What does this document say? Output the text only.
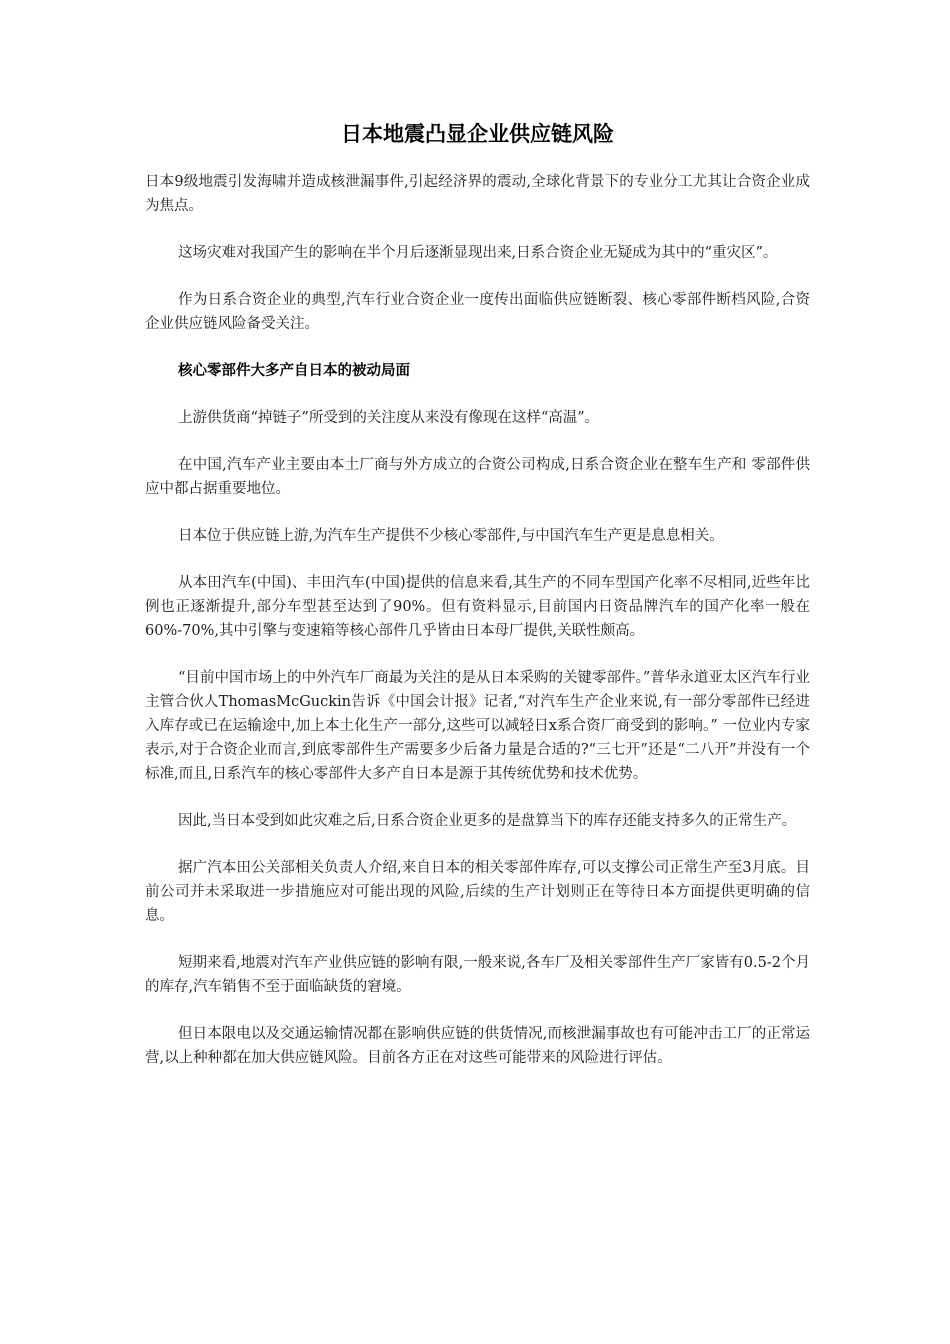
日本地震凸显企业供应链风险

日本9级地震引发海啸并造成核泄漏事件,引起经济界的震动,全球化背景下的专业分工尤其让合资企业成为焦点。

这场灾难对我国产生的影响在半个月后逐渐显现出来,日系合资企业无疑成为其中的“重灾区”。

作为日系合资企业的典型,汽车行业合资企业一度传出面临供应链断裂、核心零部件断档风险,合资企业供应链风险备受关注。

核心零部件大多产自日本的被动局面

上游供货商“掉链子”所受到的关注度从来没有像现在这样“高温”。

在中国,汽车产业主要由本土厂商与外方成立的合资公司构成,日系合资企业在整车生产和 零部件供应中都占据重要地位。

日本位于供应链上游,为汽车生产提供不少核心零部件,与中国汽车生产更是息息相关。

从本田汽车(中国)、丰田汽车(中国)提供的信息来看,其生产的不同车型国产化率不尽相同,近些年比例也正逐渐提升,部分车型甚至达到了90%。但有资料显示,目前国内日资品牌汽车的国产化率一般在60%-70%,其中引擎与变速箱等核心部件几乎皆由日本母厂提供,关联性颇高。

“目前中国市场上的中外汽车厂商最为关注的是从日本采购的关键零部件。”普华永道亚太区汽车行业主管合伙人ThomasMcGuckin告诉《中国会计报》记者,“对汽车生产企业来说,有一部分零部件已经进入库存或已在运输途中,加上本土化生产一部分,这些可以减轻日x系合资厂商受到的影响。” 一位业内专家表示,对于合资企业而言,到底零部件生产需要多少后备力量是合适的?“三七开”还是“二八开”并没有一个标准,而且,日系汽车的核心零部件大多产自日本是源于其传统优势和技术优势。

因此,当日本受到如此灾难之后,日系合资企业更多的是盘算当下的库存还能支持多久的正常生产。

据广汽本田公关部相关负责人介绍,来自日本的相关零部件库存,可以支撑公司正常生产至3月底。目前公司并未采取进一步措施应对可能出现的风险,后续的生产计划则正在等待日本方面提供更明确的信息。

短期来看,地震对汽车产业供应链的影响有限,一般来说,各车厂及相关零部件生产厂家皆有0.5-2个月的库存,汽车销售不至于面临缺货的窘境。

但日本限电以及交通运输情况都在影响供应链的供货情况,而核泄漏事故也有可能冲击工厂的正常运营,以上种种都在加大供应链风险。目前各方正在对这些可能带来的风险进行评估。
